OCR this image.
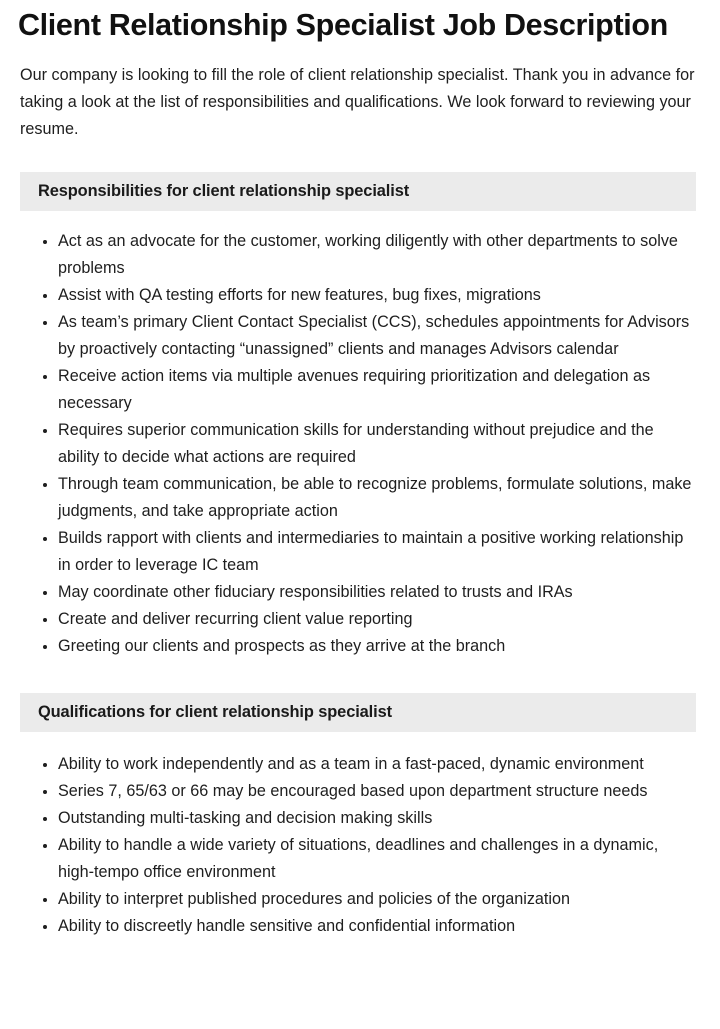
Client Relationship Specialist Job Description

Our company is looking to fill the role of client relationship specialist. Thank you in advance for taking a look at the list of responsibilities and qualifications. We look forward to reviewing your resume.

Responsibilities for client relationship specialist
Act as an advocate for the customer, working diligently with other departments to solve problems
Assist with QA testing efforts for new features, bug fixes, migrations
As team’s primary Client Contact Specialist (CCS), schedules appointments for Advisors by proactively contacting “unassigned” clients and manages Advisors calendar
Receive action items via multiple avenues requiring prioritization and delegation as necessary
Requires superior communication skills for understanding without prejudice and the ability to decide what actions are required
Through team communication, be able to recognize problems, formulate solutions, make judgments, and take appropriate action
Builds rapport with clients and intermediaries to maintain a positive working relationship in order to leverage IC team
May coordinate other fiduciary responsibilities related to trusts and IRAs
Create and deliver recurring client value reporting
Greeting our clients and prospects as they arrive at the branch
Qualifications for client relationship specialist
Ability to work independently and as a team in a fast-paced, dynamic environment
Series 7, 65/63 or 66 may be encouraged based upon department structure needs
Outstanding multi-tasking and decision making skills
Ability to handle a wide variety of situations, deadlines and challenges in a dynamic, high-tempo office environment
Ability to interpret published procedures and policies of the organization
Ability to discreetly handle sensitive and confidential information
